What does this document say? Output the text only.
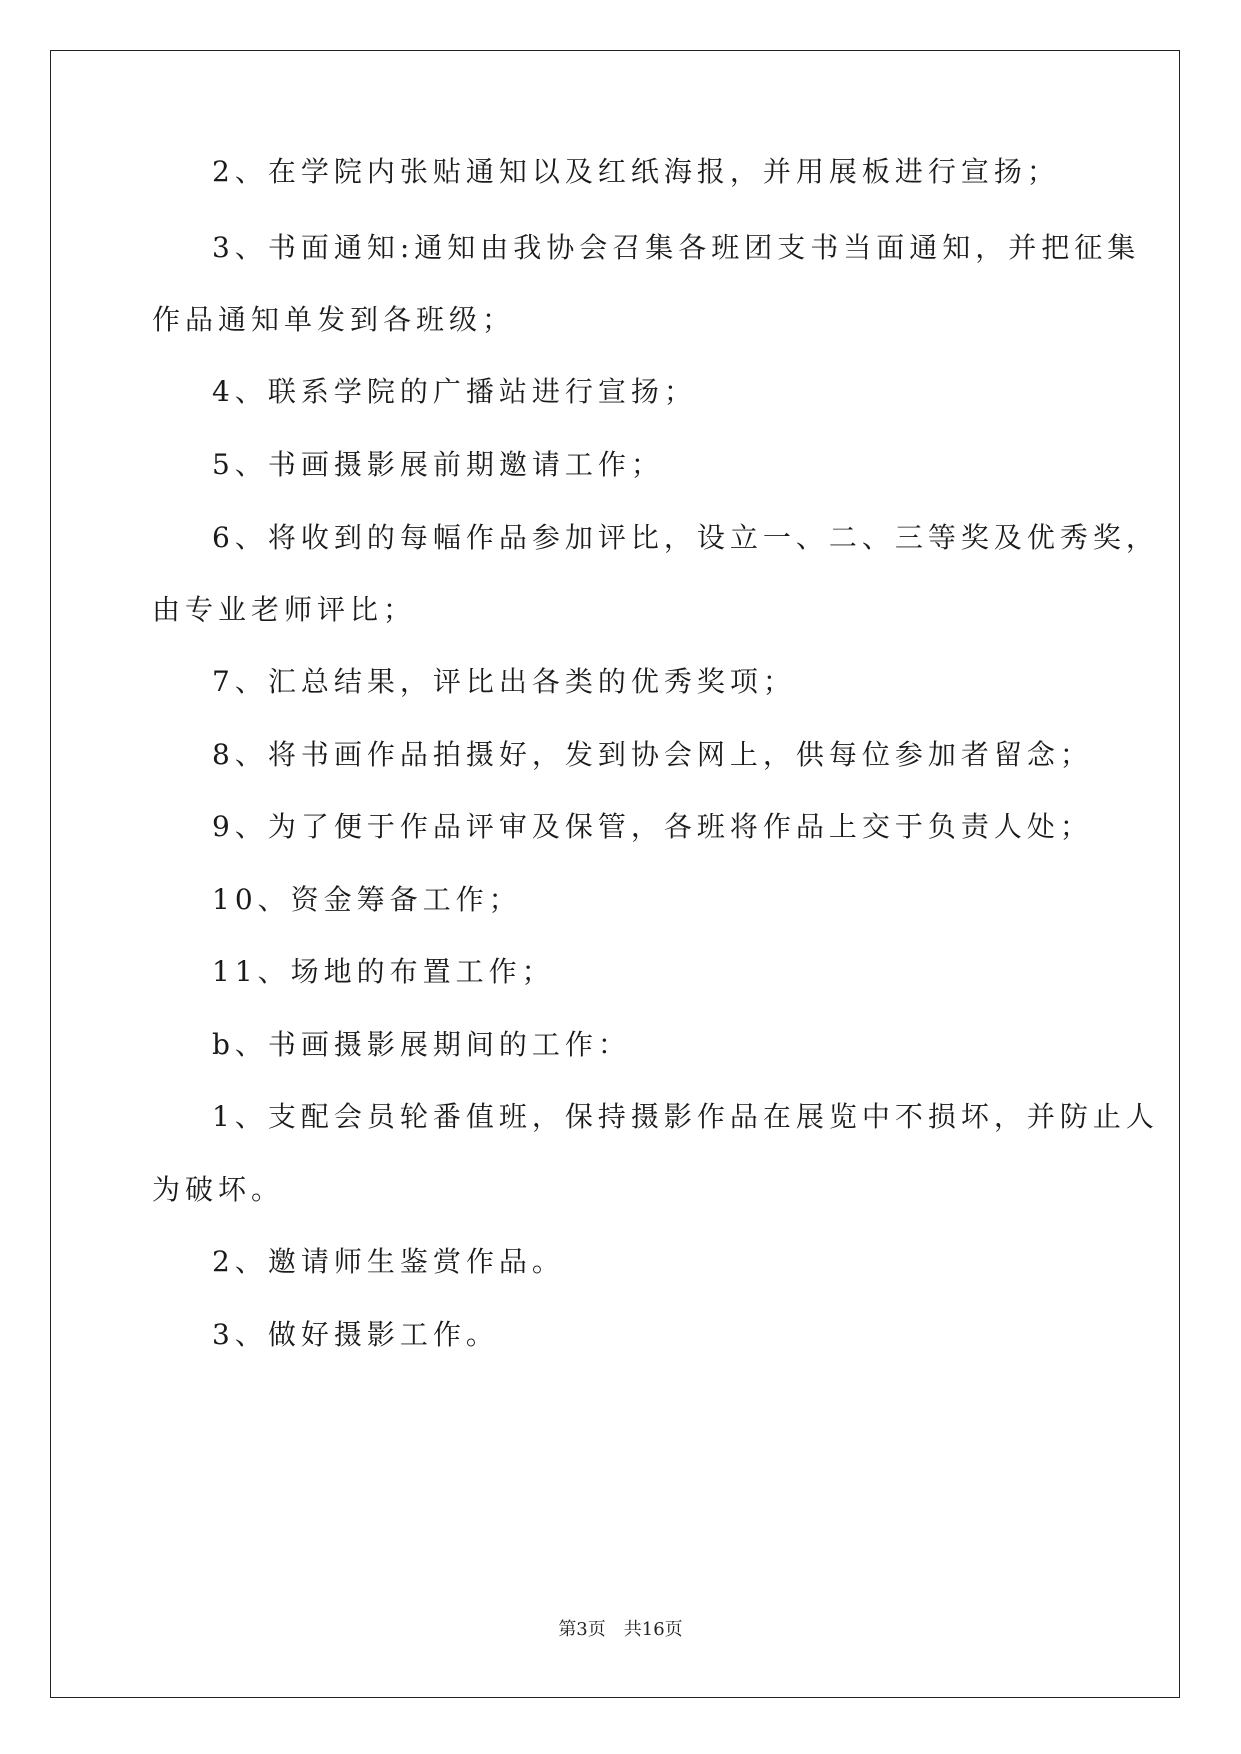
2、在学院内张贴通知以及红纸海报，并用展板进行宣扬；
3、书面通知:通知由我协会召集各班团支书当面通知，并把征集
作品通知单发到各班级；
4、联系学院的广播站进行宣扬；
5、书画摄影展前期邀请工作；
6、将收到的每幅作品参加评比，设立一、二、三等奖及优秀奖，
由专业老师评比；
7、汇总结果，评比出各类的优秀奖项；
8、将书画作品拍摄好，发到协会网上，供每位参加者留念；
9、为了便于作品评审及保管，各班将作品上交于负责人处；
10、资金筹备工作；
11、场地的布置工作；
b、书画摄影展期间的工作：
1、支配会员轮番值班，保持摄影作品在展览中不损坏，并防止人
为破坏。
2、邀请师生鉴赏作品。
3、做好摄影工作。
第3页 共16页
